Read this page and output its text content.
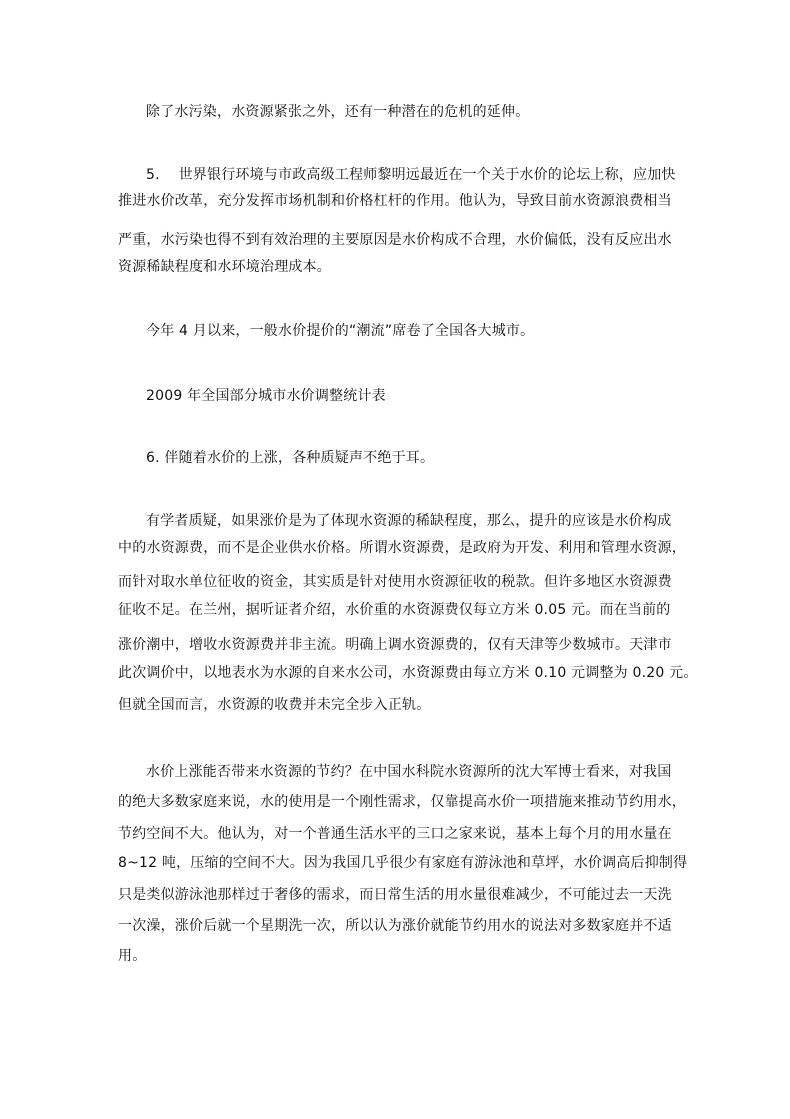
除了水污染，水资源紧张之外，还有一种潜在的危机的延伸。
5.　 世界银行环境与市政高级工程师黎明远最近在一个关于水价的论坛上称，应加快
推进水价改革，充分发挥市场机制和价格杠杆的作用。他认为，导致目前水资源浪费相当
严重，水污染也得不到有效治理的主要原因是水价构成不合理，水价偏低，没有反应出水
资源稀缺程度和水环境治理成本。
今年 4 月以来，一般水价提价的“潮流”席卷了全国各大城市。
2009 年全国部分城市水价调整统计表
6. 伴随着水价的上涨，各种质疑声不绝于耳。
有学者质疑，如果涨价是为了体现水资源的稀缺程度，那么，提升的应该是水价构成
中的水资源费，而不是企业供水价格。所谓水资源费，是政府为开发、利用和管理水资源，
而针对取水单位征收的资金，其实质是针对使用水资源征收的税款。但许多地区水资源费
征收不足。在兰州，据听证者介绍，水价重的水资源费仅每立方米 0.05 元。而在当前的
涨价潮中，增收水资源费并非主流。明确上调水资源费的，仅有天津等少数城市。天津市
此次调价中，以地表水为水源的自来水公司，水资源费由每立方米 0.10 元调整为 0.20 元。
但就全国而言，水资源的收费并未完全步入正轨。
水价上涨能否带来水资源的节约？在中国水科院水资源所的沈大军博士看来，对我国
的绝大多数家庭来说，水的使用是一个刚性需求，仅靠提高水价一项措施来推动节约用水，
节约空间不大。他认为，对一个普通生活水平的三口之家来说，基本上每个月的用水量在
8~12 吨，压缩的空间不大。因为我国几乎很少有家庭有游泳池和草坪，水价调高后抑制得
只是类似游泳池那样过于奢侈的需求，而日常生活的用水量很难减少，不可能过去一天洗
一次澡，涨价后就一个星期洗一次，所以认为涨价就能节约用水的说法对多数家庭并不适
用。
